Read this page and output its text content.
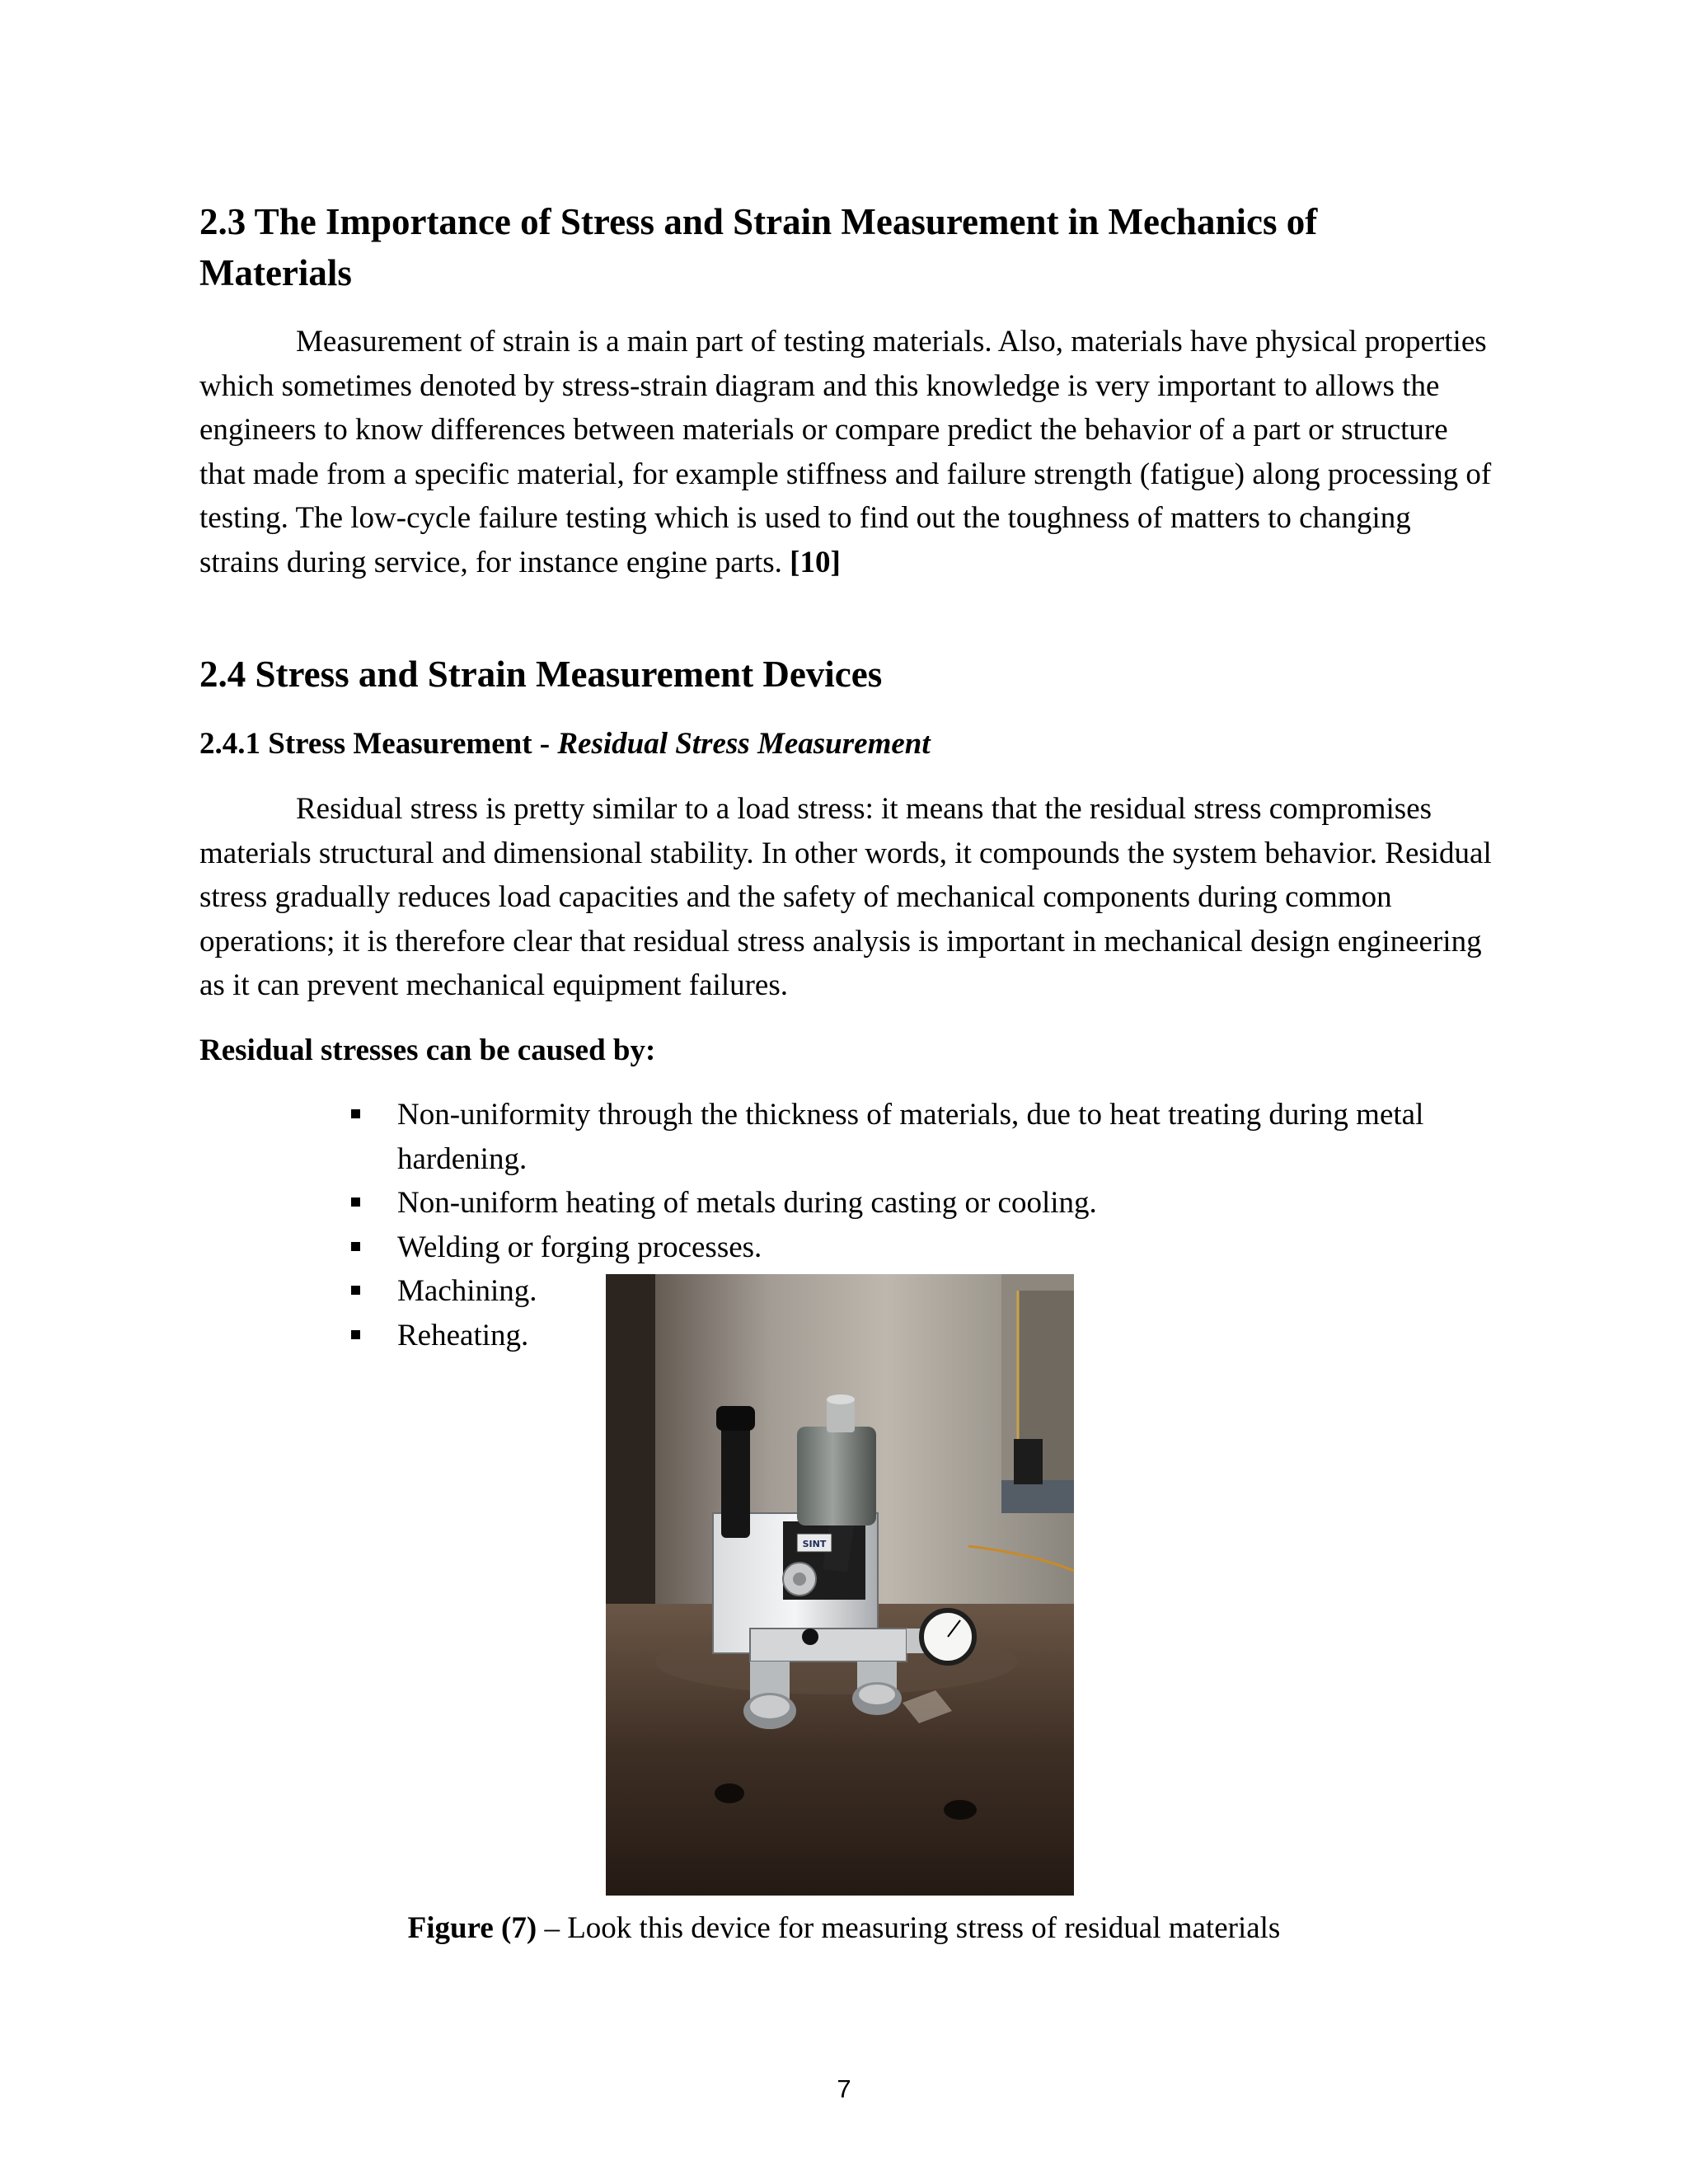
2.3 The Importance of Stress and Strain Measurement in Mechanics of
Materials

Measurement of strain is a main part of testing materials. Also, materials have physical properties which sometimes denoted by stress-strain diagram and this knowledge is very important to allows the engineers to know differences between materials or compare predict the behavior of a part or structure that made from a specific material, for example stiffness and failure strength (fatigue) along processing of testing. The low-cycle failure testing which is used to find out the toughness of matters to changing strains during service, for instance engine parts. [10]

2.4 Stress and Strain Measurement Devices
2.4.1 Stress Measurement - Residual Stress Measurement

Residual stress is pretty similar to a load stress: it means that the residual stress compromises materials structural and dimensional stability. In other words, it compounds the system behavior. Residual stress gradually reduces load capacities and the safety of mechanical components during common operations; it is therefore clear that residual stress analysis is important in mechanical design engineering as it can prevent mechanical equipment failures.

Residual stresses can be caused by:
Non-uniformity through the thickness of materials, due to heat treating during metal hardening.
Non-uniform heating of metals during casting or cooling.
Welding or forging processes.
Machining.
Reheating.
SINT
Figure (7) – Look this device for measuring stress of residual materials
7
